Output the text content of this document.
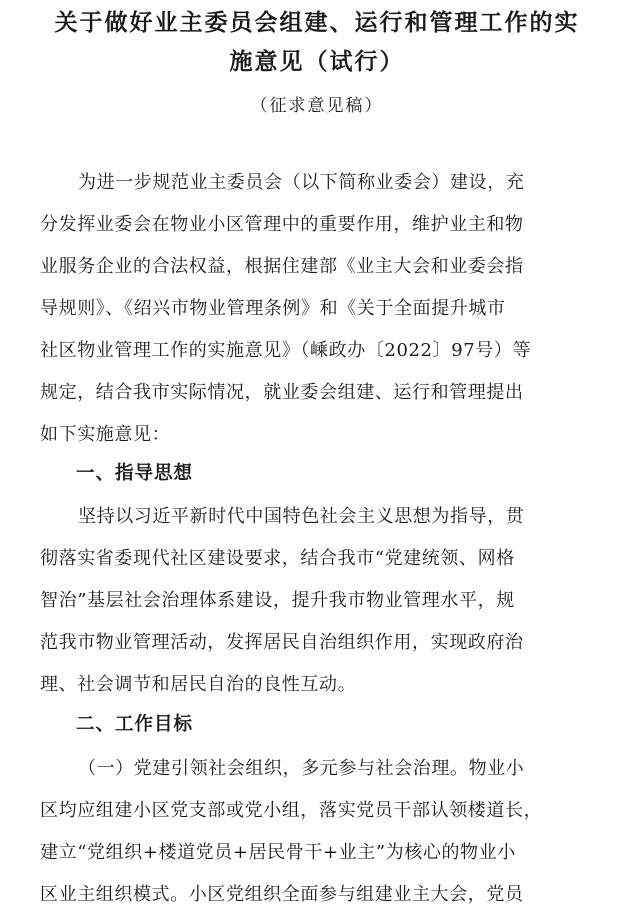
关于做好业主委员会组建、运行和管理工作的实
施意见（试行）
（征求意见稿）
为进一步规范业主委员会（以下简称业委会）建设，充
分发挥业委会在物业小区管理中的重要作用，维护业主和物
业服务企业的合法权益，根据住建部《业主大会和业委会指
导规则》、《绍兴市物业管理条例》和《关于全面提升城市
社区物业管理工作的实施意见》（嵊政办〔2022〕97号）等
规定，结合我市实际情况，就业委会组建、运行和管理提出
如下实施意见：
一、指导思想
坚持以习近平新时代中国特色社会主义思想为指导，贯
彻落实省委现代社区建设要求，结合我市“党建统领、网格
智治”基层社会治理体系建设，提升我市物业管理水平，规
范我市物业管理活动，发挥居民自治组织作用，实现政府治
理、社会调节和居民自治的良性互动。
二、工作目标
（一）党建引领社会组织，多元参与社会治理。物业小
区均应组建小区党支部或党小组，落实党员干部认领楼道长，
建立“党组织+楼道党员+居民骨干+业主”为核心的物业小
区业主组织模式。小区党组织全面参与组建业主大会，党员
